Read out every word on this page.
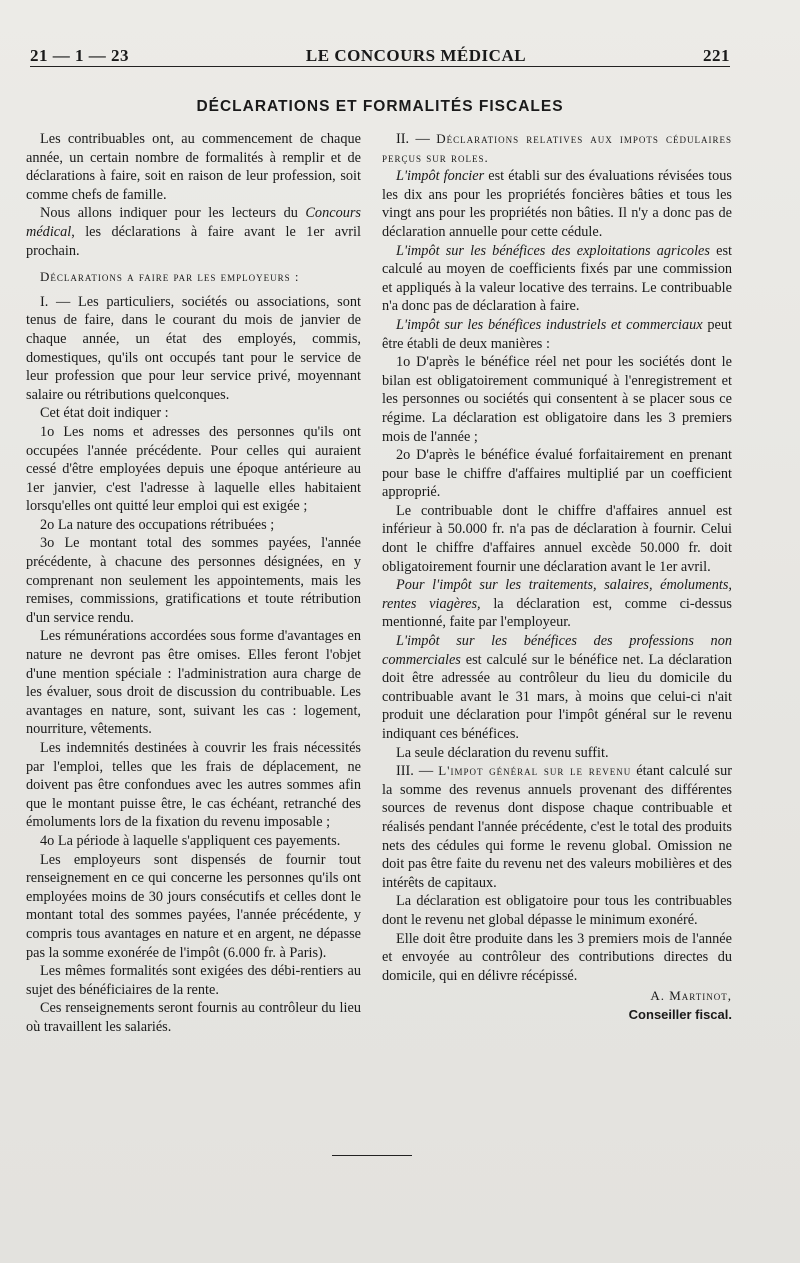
21 — 1 — 23	LE CONCOURS MÉDICAL	221
DÉCLARATIONS ET FORMALITÉS FISCALES

Les contribuables ont, au commencement de chaque année, un certain nombre de formalités à remplir et de déclarations à faire, soit en raison de leur profession, soit comme chefs de famille.

Nous allons indiquer pour les lecteurs du Concours médical, les déclarations à faire avant le 1er avril prochain.

Déclarations a faire par les employeurs :

I. — Les particuliers, sociétés ou associations, sont tenus de faire, dans le courant du mois de janvier de chaque année, un état des employés, commis, domestiques, qu'ils ont occupés tant pour le service de leur profession que pour leur service privé, moyennant salaire ou rétributions quelconques.

Cet état doit indiquer :

1o Les noms et adresses des personnes qu'ils ont occupées l'année précédente. Pour celles qui auraient cessé d'être employées depuis une époque antérieure au 1er janvier, c'est l'adresse à laquelle elles habitaient lorsqu'elles ont quitté leur emploi qui est exigée ;

2o La nature des occupations rétribuées ;

3o Le montant total des sommes payées, l'année précédente, à chacune des personnes désignées, en y comprenant non seulement les appointements, mais les remises, commissions, gratifications et toute rétribution d'un service rendu.

Les rémunérations accordées sous forme d'avantages en nature ne devront pas être omises. Elles feront l'objet d'une mention spéciale : l'administration aura charge de les évaluer, sous droit de discussion du contribuable. Les avantages en nature, sont, suivant les cas : logement, nourriture, vêtements.

Les indemnités destinées à couvrir les frais nécessités par l'emploi, telles que les frais de déplacement, ne doivent pas être confondues avec les autres sommes afin que le montant puisse être, le cas échéant, retranché des émoluments lors de la fixation du revenu imposable ;

4o La période à laquelle s'appliquent ces payements.

Les employeurs sont dispensés de fournir tout renseignement en ce qui concerne les personnes qu'ils ont employées moins de 30 jours consécutifs et celles dont le montant total des sommes payées, l'année précédente, y compris tous avantages en nature et en argent, ne dépasse pas la somme exonérée de l'impôt (6.000 fr. à Paris).

Les mêmes formalités sont exigées des débi-rentiers au sujet des bénéficiaires de la rente.

Ces renseignements seront fournis au contrôleur du lieu où travaillent les salariés.

II. — Déclarations relatives aux impots cédulaires perçus sur roles.

L'impôt foncier est établi sur des évaluations révisées tous les dix ans pour les propriétés foncières bâties et tous les vingt ans pour les propriétés non bâties. Il n'y a donc pas de déclaration annuelle pour cette cédule.

L'impôt sur les bénéfices des exploitations agricoles est calculé au moyen de coefficients fixés par une commission et appliqués à la valeur locative des terrains. Le contribuable n'a donc pas de déclaration à faire.

L'impôt sur les bénéfices industriels et commerciaux peut être établi de deux manières :

1o D'après le bénéfice réel net pour les sociétés dont le bilan est obligatoirement communiqué à l'enregistrement et les personnes ou sociétés qui consentent à se placer sous ce régime. La déclaration est obligatoire dans les 3 premiers mois de l'année ;

2o D'après le bénéfice évalué forfaitairement en prenant pour base le chiffre d'affaires multiplié par un coefficient approprié.

Le contribuable dont le chiffre d'affaires annuel est inférieur à 50.000 fr. n'a pas de déclaration à fournir. Celui dont le chiffre d'affaires annuel excède 50.000 fr. doit obligatoirement fournir une déclaration avant le 1er avril.

Pour l'impôt sur les traitements, salaires, émoluments, rentes viagères, la déclaration est, comme ci-dessus mentionné, faite par l'employeur.

L'impôt sur les bénéfices des professions non commerciales est calculé sur le bénéfice net. La déclaration doit être adressée au contrôleur du lieu du domicile du contribuable avant le 31 mars, à moins que celui-ci n'ait produit une déclaration pour l'impôt général sur le revenu indiquant ces bénéfices.

La seule déclaration du revenu suffit.

III. — L'impot général sur le revenu étant calculé sur la somme des revenus annuels provenant des différentes sources de revenus dont dispose chaque contribuable et réalisés pendant l'année précédente, c'est le total des produits nets des cédules qui forme le revenu global. Omission ne doit pas être faite du revenu net des valeurs mobilières et des intérêts de capitaux.

La déclaration est obligatoire pour tous les contribuables dont le revenu net global dépasse le minimum exonéré.

Elle doit être produite dans les 3 premiers mois de l'année et envoyée au contrôleur des contributions directes du domicile, qui en délivre récépissé.

A. Martinot,
Conseiller fiscal.
